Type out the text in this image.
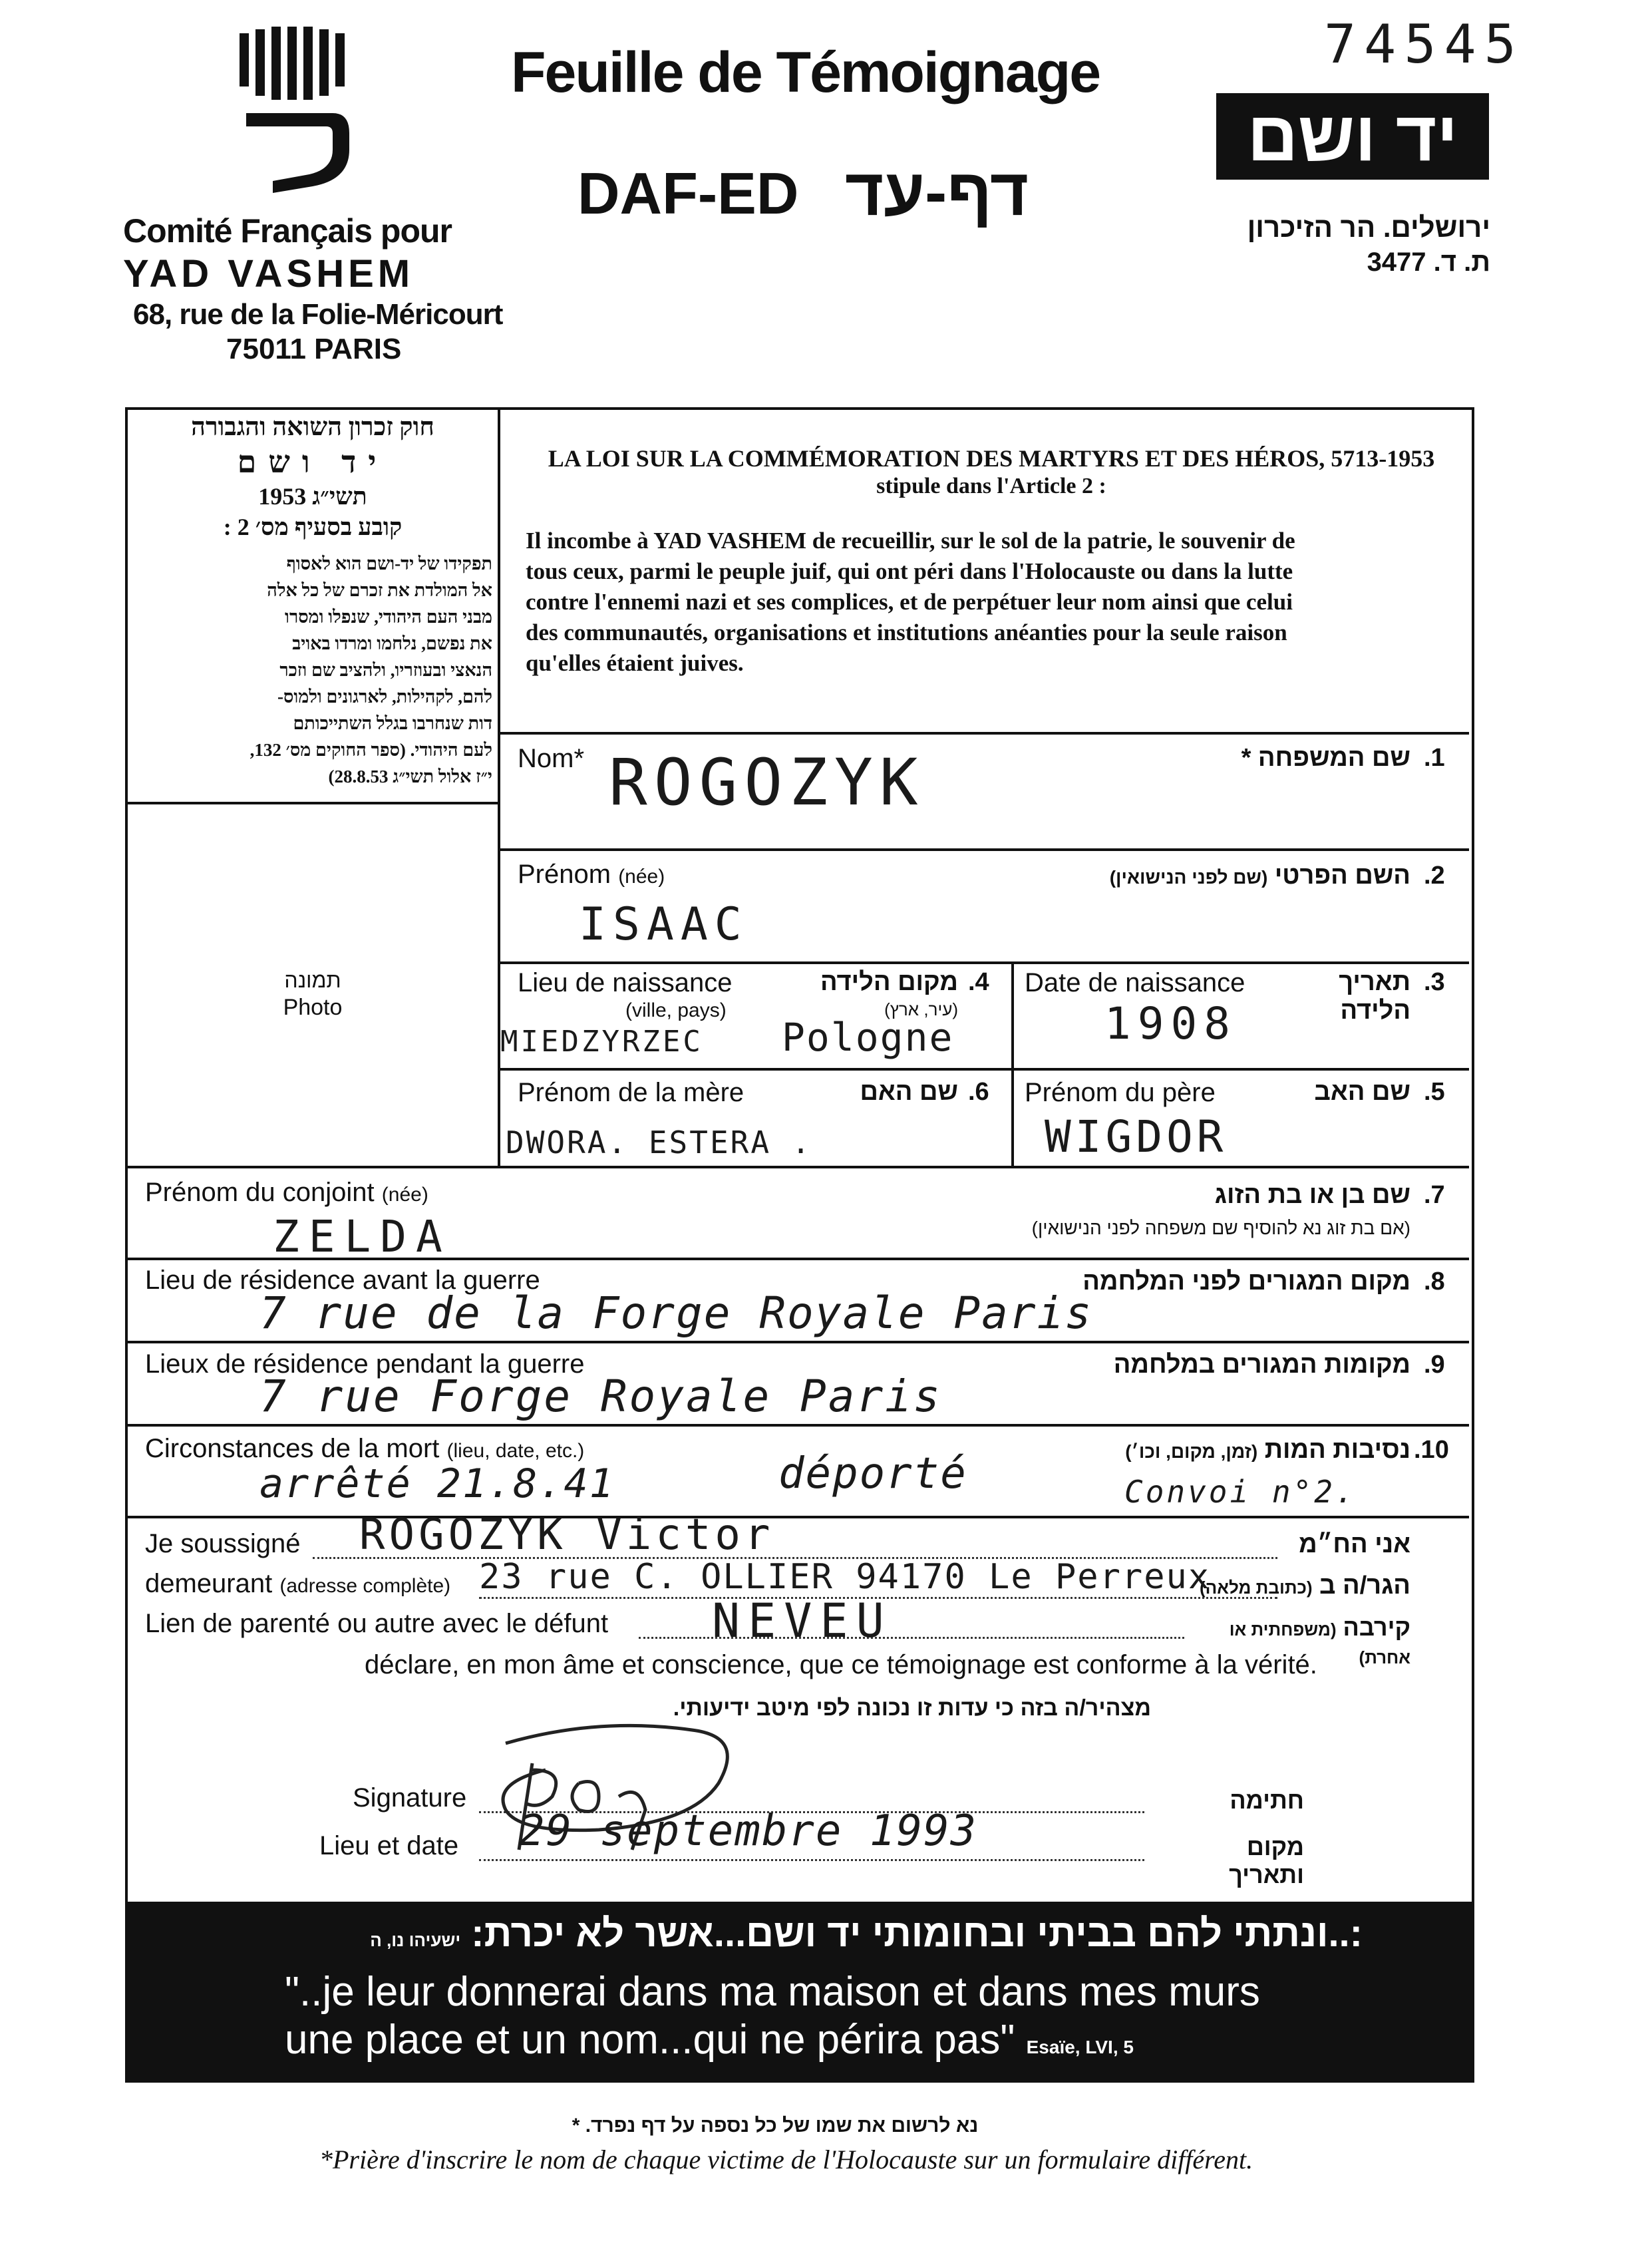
74545
Comité Français pour
YAD VASHEM
68, rue de la Folie-Méricourt
75011 PARIS
Feuille de Témoignage
DAF-ED דף-עד
יד ושם
ירושלים. הר הזיכרון
ת. ד. 3477
חוק זכרון השואה והגבורה
יד ושם
תשי״ג 1953
קובע בסעיף מס׳ 2 :
תפקידו של יד-ושם הוא לאסוף
אל המולדת את זכרם של כל אלה
מבני העם היהודי, שנפלו ומסרו
את נפשם, נלחמו ומרדו באויב
הנאצי ובעוזריו, ולהציב שם וזכר
להם, לקהילות, לארגונים ולמוס-
דות שנחרבו בגלל השתייכותם
לעם היהודי. (ספר החוקים מס׳ 132,
י״ז אלול תשי״ג 28.8.53)
תמונה
Photo
LA LOI SUR LA COMMÉMORATION DES MARTYRS ET DES HÉROS, 5713-1953
stipule dans l'Article 2 :
Il incombe à YAD VASHEM de recueillir, sur le sol de la patrie, le souvenir de
tous ceux, parmi le peuple juif, qui ont péri dans l'Holocauste ou dans la lutte
contre l'ennemi nazi et ses complices, et de perpétuer leur nom ainsi que celui
des communautés, organisations et institutions anéanties pour la seule raison
qu'elles étaient juives.
Nom*	שם המשפחה * .1
ROGOZYK
Prénom (née)	השם הפרטי (שם לפני הנישואין)	.2
ISAAC
Lieu de naissance
(ville, pays)
מקום הלידה
(עיר, ארץ)
.4
MIEDZYRZEC Pologne
Date de naissance	תאריך הלידה
.3
1908
Prénom de la mère	שם האם .6
DWORA. ESTERA .
Prénom du père	שם האב .5
WIGDOR
Prénom du conjoint (née)	שם בן או בת הזוג
(אם בת זוג נא להוסיף שם משפחה לפני הנישואין)
.7
ZELDA
Lieu de résidence avant la guerre	מקום המגורים לפני המלחמה .8
7 rue de la Forge Royale Paris
Lieux de résidence pendant la guerre	מקומות המגורים במלחמה .9
7 rue Forge Royale Paris
Circonstances de la mort (lieu, date, etc.)	נסיבות המות (זמן, מקום, וכו׳)	.10
arrêté 21.8.41	déporté	Convoi n°2.
Je soussigné	אני הח״מ
ROGOZYK Victor
demeurant (adresse complète)	הגר/ה ב (כתובת מלאה)
23 rue C. OLLIER 94170 Le Perreux
Lien de parenté ou autre avec le défunt	קירבה (משפחתית או אחרת)
NEVEU
déclare, en mon âme et conscience, que ce témoignage est conforme à la vérité.
מצהיר/ה בזה כי עדות זו נכונה לפי מיטב ידיעותי.
Signature	חתימה
Lieu et date	מקום ותאריך
29 septembre 1993
:..ונתתי להם בביתי ובחומותי יד ושם...אשר לא יכרת: ישעיהו נו, ה
"..je leur donnerai dans ma maison et dans mes murs
une place et un nom...qui ne périra pas" Esaïe, LVI, 5
נא לרשום את שמו של כל נספה על דף נפרד. *
*Prière d'inscrire le nom de chaque victime de l'Holocauste sur un formulaire différent.
